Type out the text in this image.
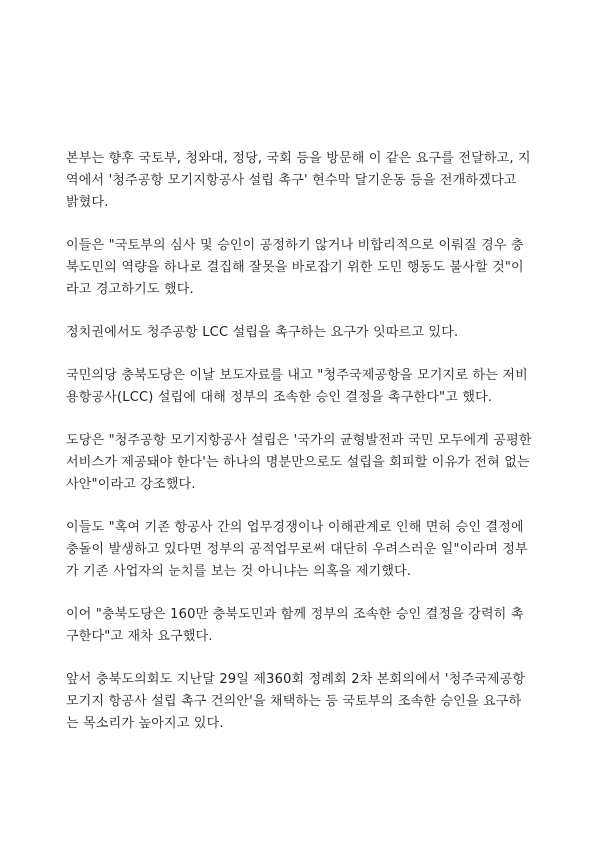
본부는 향후 국토부, 청와대, 정당, 국회 등을 방문해 이 같은 요구를 전달하고, 지
역에서 '청주공항 모기지항공사 설립 촉구' 현수막 달기운동 등을 전개하겠다고
밝혔다.

이들은 "국토부의 심사 및 승인이 공정하기 않거나 비합리적으로 이뤄질 경우 충
북도민의 역량을 하나로 결집해 잘못을 바로잡기 위한 도민 행동도 불사할 것"이
라고 경고하기도 했다.

정치권에서도 청주공항 LCC 설립을 촉구하는 요구가 잇따르고 있다.

국민의당 충북도당은 이날 보도자료를 내고 "청주국제공항을 모기지로 하는 저비
용항공사(LCC) 설립에 대해 정부의 조속한 승인 결정을 촉구한다"고 했다.

도당은 "청주공항 모기지항공사 설립은 '국가의 균형발전과 국민 모두에게 공평한
서비스가 제공돼야 한다'는 하나의 명분만으로도 설립을 회피할 이유가 전혀 없는
사안"이라고 강조했다.

이들도 "혹여 기존 항공사 간의 업무경쟁이나 이해관계로 인해 면허 승인 결정에
충돌이 발생하고 있다면 정부의 공적업무로써 대단히 우려스러운 일"이라며 정부
가 기존 사업자의 눈치를 보는 것 아니냐는 의혹을 제기했다.

이어 "충북도당은 160만 충북도민과 함께 정부의 조속한 승인 결정을 강력히 촉
구한다"고 재차 요구했다.

앞서 충북도의회도 지난달 29일 제360회 정례회 2차 본회의에서 '청주국제공항
모기지 항공사 설립 촉구 건의안'을 채택하는 등 국토부의 조속한 승인을 요구하
는 목소리가 높아지고 있다.
